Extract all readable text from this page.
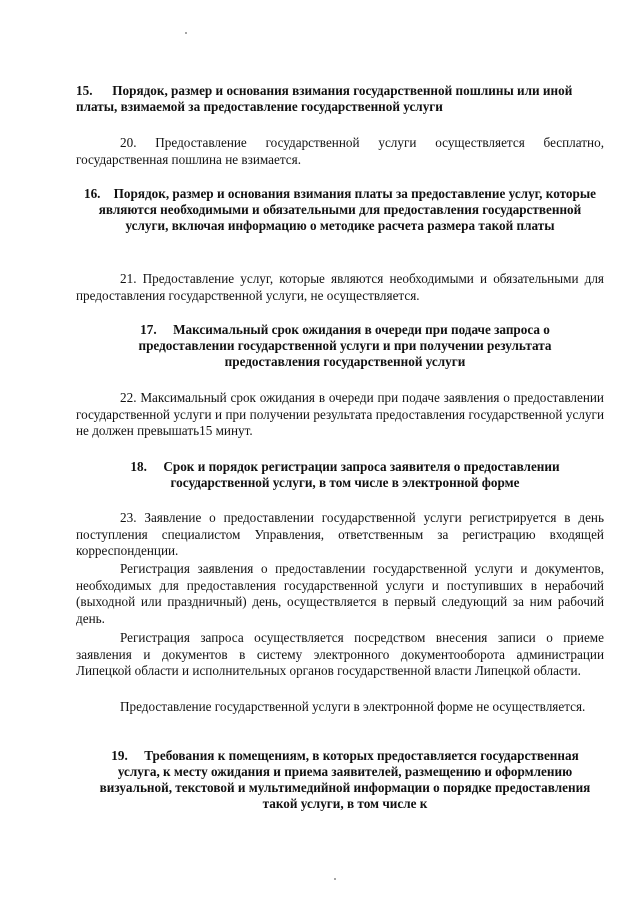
15. Порядок, размер и основания взимания государственной пошлины или иной платы, взимаемой за предоставление государственной услуги
20. Предоставление государственной услуги осуществляется бесплатно, государственная пошлина не взимается.
16. Порядок, размер и основания взимания платы за предоставление услуг, которые являются необходимыми и обязательными для предоставления государственной услуги, включая информацию о методике расчета размера такой платы
21. Предоставление услуг, которые являются необходимыми и обязательными для предоставления государственной услуги, не осуществляется.
17. Максимальный срок ожидания в очереди при подаче запроса о предоставлении государственной услуги и при получении результата предоставления государственной услуги
22. Максимальный срок ожидания в очереди при подаче заявления о предоставлении государственной услуги и при получении результата предоставления государственной услуги не должен превышать15 минут.
18. Срок и порядок регистрации запроса заявителя о предоставлении государственной услуги, в том числе в электронной форме
23. Заявление о предоставлении государственной услуги регистрируется в день поступления специалистом Управления, ответственным за регистрацию входящей корреспонденции.
Регистрация заявления о предоставлении государственной услуги и документов, необходимых для предоставления государственной услуги и поступивших в нерабочий (выходной или праздничный) день, осуществляется в первый следующий за ним рабочий день.
Регистрация запроса осуществляется посредством внесения записи о приеме заявления и документов в систему электронного документооборота администрации Липецкой области и исполнительных органов государственной власти Липецкой области.
Предоставление государственной услуги в электронной форме не осуществляется.
19. Требования к помещениям, в которых предоставляется государственная услуга, к месту ожидания и приема заявителей, размещению и оформлению визуальной, текстовой и мультимедийной информации о порядке предоставления такой услуги, в том числе к
